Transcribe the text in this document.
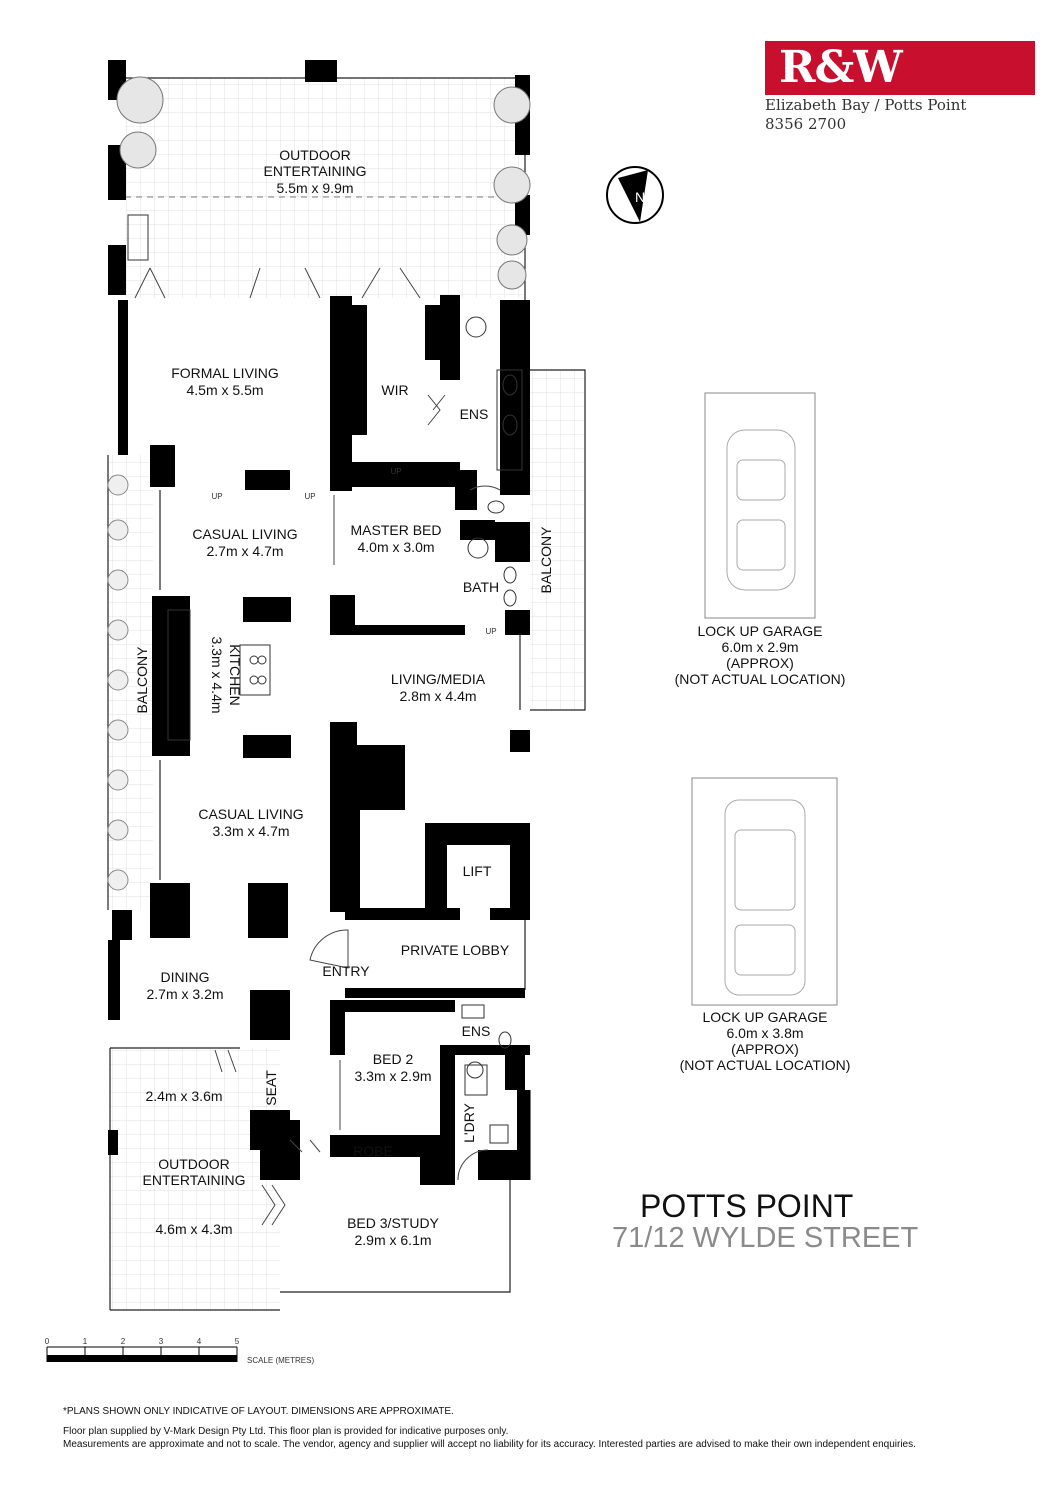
R&W
Elizabeth Bay / Potts Point
8356 2700
N
OUTDOOR ENTERTAINING
5.5m x 9.9m
FORMAL LIVING
4.5m x 5.5m	WIR
ENS
CASUAL LIVING
2.7m x 4.7m
MASTER BED
4.0m x 3.0m
BATH	BALCONY
BALCONY	KITCHEN
3.3m x 4.4m	LIVING/MEDIA
2.8m x 4.4m
CASUAL LIVING
3.3m x 4.7m
LIFT
PRIVATE LOBBY
ENTRY
DINING
2.7m x 3.2m
ENS
BED 2
3.3m x 2.9m
SEAT
L'DRY
ROBE
2.4m x 3.6m
OUTDOOR ENTERTAINING
4.6m x 4.3m	BED 3/STUDY
2.9m x 6.1m
UP	UP
UP
UP
0	1	2	3	4	5
SCALE (METRES)
LOCK UP GARAGE
6.0m x 2.9m
(APPROX)
(NOT ACTUAL LOCATION)
LOCK UP GARAGE
6.0m x 3.8m
(APPROX)
(NOT ACTUAL LOCATION)
POTTS POINT
71/12 WYLDE STREET
*PLANS SHOWN ONLY INDICATIVE OF LAYOUT. DIMENSIONS ARE APPROXIMATE.
Floor plan supplied by V-Mark Design Pty Ltd. This floor plan is provided for indicative purposes only.
Measurements are approximate and not to scale. The vendor, agency and supplier will accept no liability for its accuracy. Interested parties are advised to make their own independent enquiries.
